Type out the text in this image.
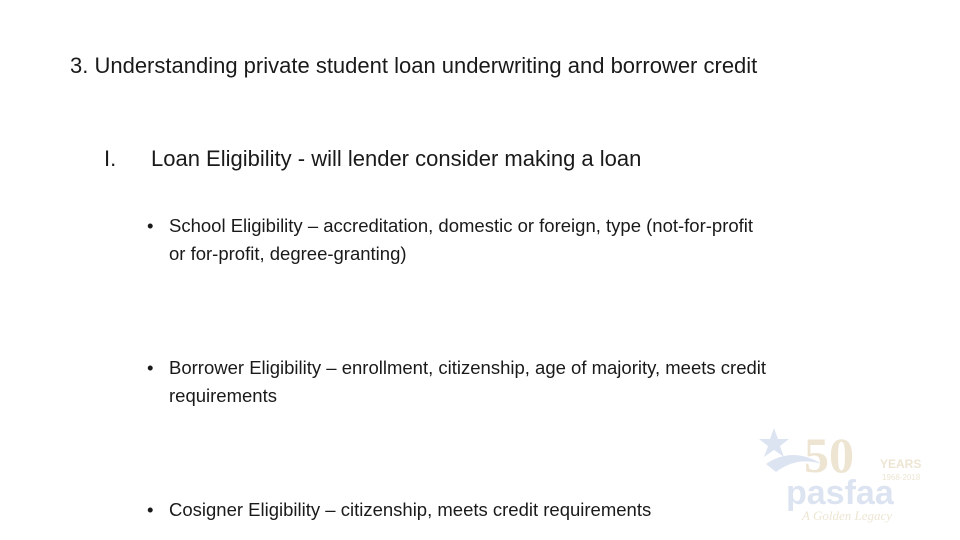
3. Understanding private student loan underwriting and borrower credit
I.	Loan Eligibility - will lender consider making a loan
• School Eligibility – accreditation, domestic or foreign, type (not-for-profit or for-profit, degree-granting)
• Borrower Eligibility – enrollment, citizenship, age of majority, meets credit requirements
• Cosigner Eligibility – citizenship, meets credit requirements
50 YEARS
1968-2018
pasfaa
A Golden Legacy
